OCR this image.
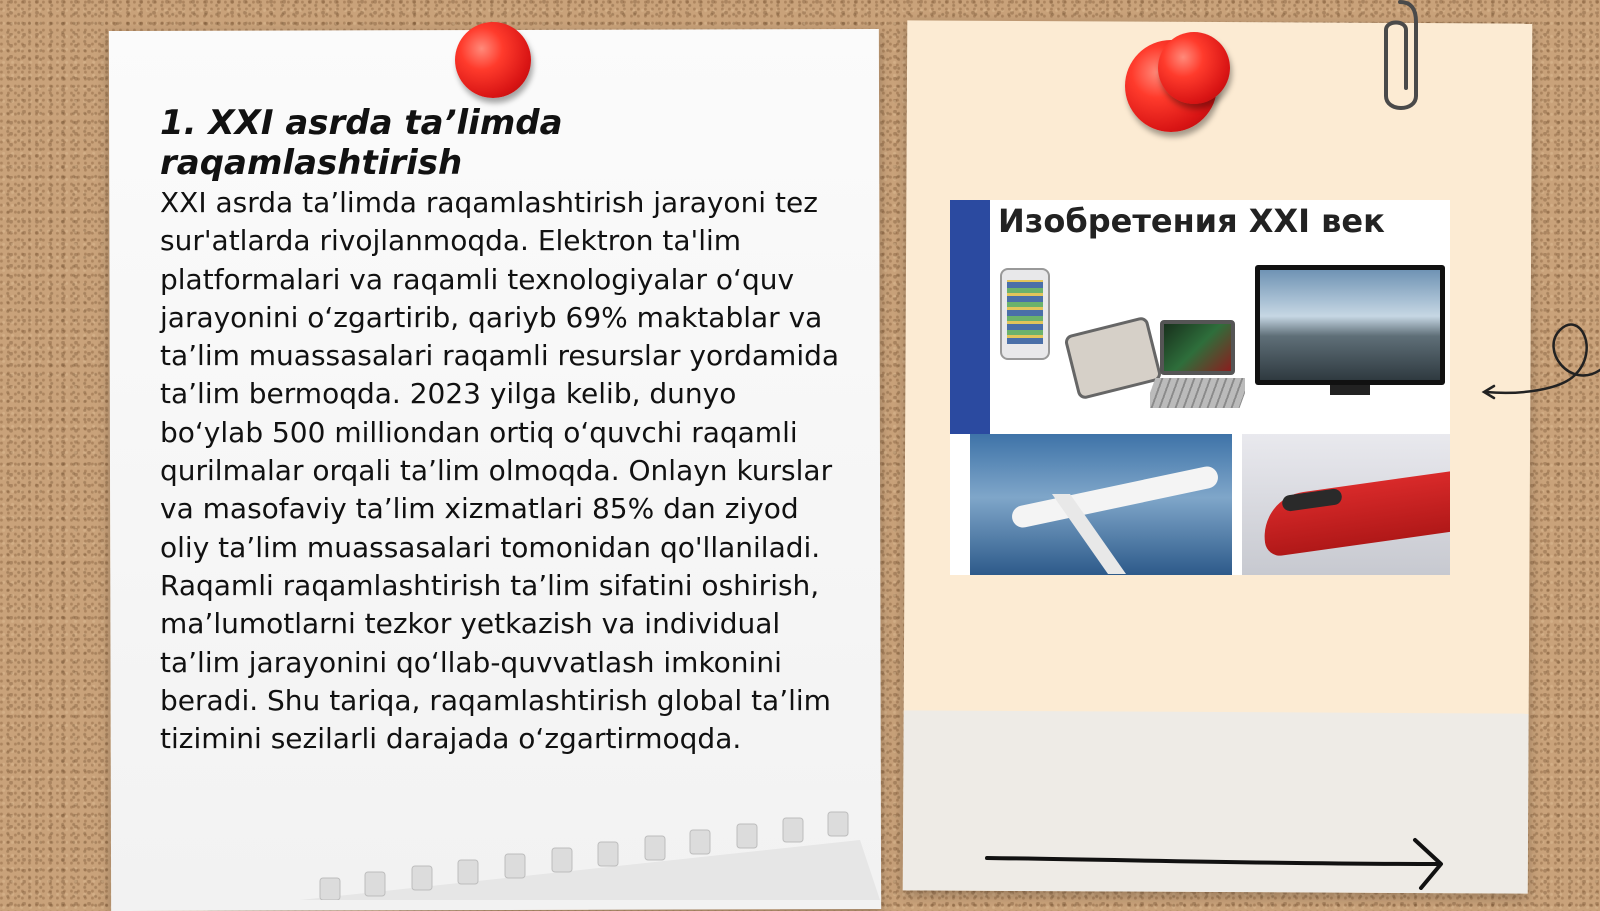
1. XXI asrda ta’limda raqamlashtirish

XXI asrda ta’limda raqamlashtirish jarayoni tez sur'atlarda rivojlanmoqda. Elektron ta'lim platformalari va raqamli texnologiyalar o‘quv jarayonini o‘zgartirib, qariyb 69% maktablar va ta’lim muassasalari raqamli resurslar yordamida ta’lim bermoqda. 2023 yilga kelib, dunyo bo‘ylab 500 milliondan ortiq o‘quvchi raqamli qurilmalar orqali ta’lim olmoqda. Onlayn kurslar va masofaviy ta’lim xizmatlari 85% dan ziyod oliy ta’lim muassasalari tomonidan qo'llaniladi. Raqamli raqamlashtirish ta’lim sifatini oshirish, ma’lumotlarni tezkor yetkazish va individual ta’lim jarayonini qo‘llab-quvvatlash imkonini beradi. Shu tariqa, raqamlashtirish global ta’lim tizimini sezilarli darajada o‘zgartirmoqda.

Изобретения XXI век
